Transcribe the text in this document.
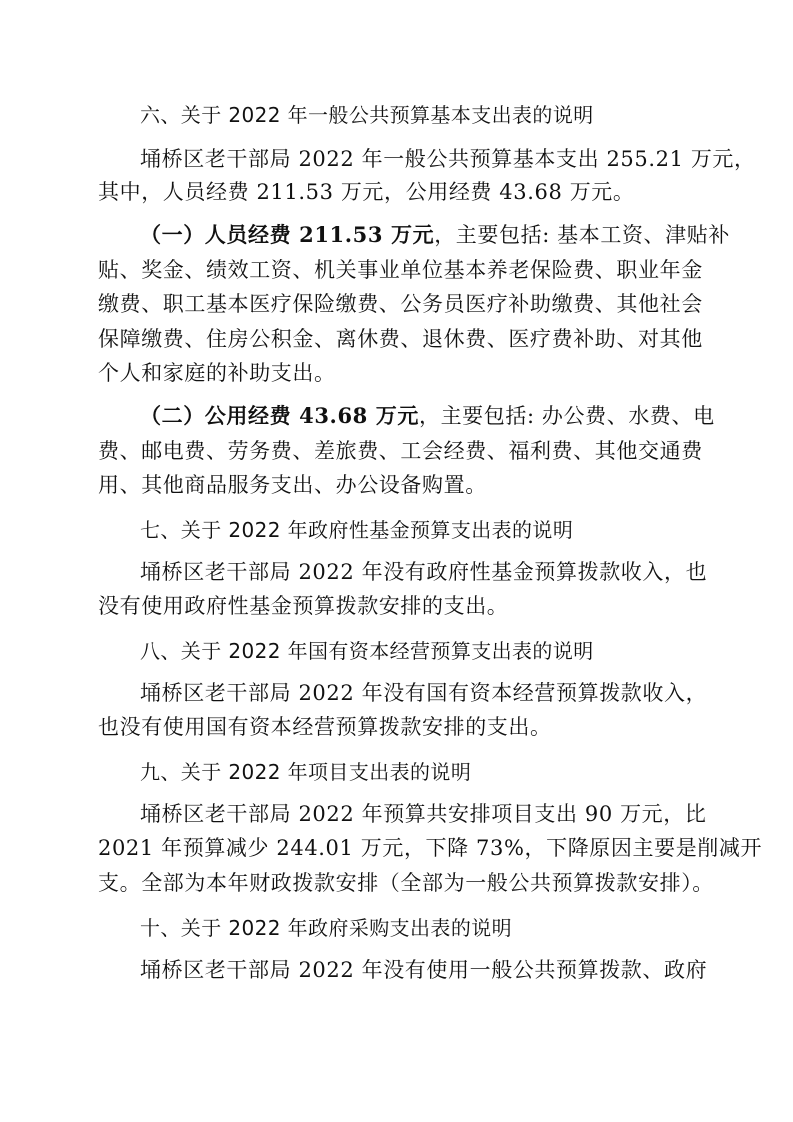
六、关于 2022 年一般公共预算基本支出表的说明
埇桥区老干部局 2022 年一般公共预算基本支出 255.21 万元，
其中，人员经费 211.53 万元，公用经费 43.68 万元。
（一）人员经费 211.53 万元，主要包括: 基本工资、津贴补
贴、奖金、绩效工资、机关事业单位基本养老保险费、职业年金
缴费、职工基本医疗保险缴费、公务员医疗补助缴费、其他社会
保障缴费、住房公积金、离休费、退休费、医疗费补助、对其他
个人和家庭的补助支出。
（二）公用经费 43.68 万元，主要包括: 办公费、水费、电
费、邮电费、劳务费、差旅费、工会经费、福利费、其他交通费
用、其他商品服务支出、办公设备购置。
七、关于 2022 年政府性基金预算支出表的说明
埇桥区老干部局 2022 年没有政府性基金预算拨款收入，也
没有使用政府性基金预算拨款安排的支出。
八、关于 2022 年国有资本经营预算支出表的说明
埇桥区老干部局 2022 年没有国有资本经营预算拨款收入，
也没有使用国有资本经营预算拨款安排的支出。
九、关于 2022 年项目支出表的说明
埇桥区老干部局 2022 年预算共安排项目支出 90 万元，比
2021 年预算减少 244.01 万元，下降 73%，下降原因主要是削减开
支。全部为本年财政拨款安排（全部为一般公共预算拨款安排）。
十、关于 2022 年政府采购支出表的说明
埇桥区老干部局 2022 年没有使用一般公共预算拨款、政府
